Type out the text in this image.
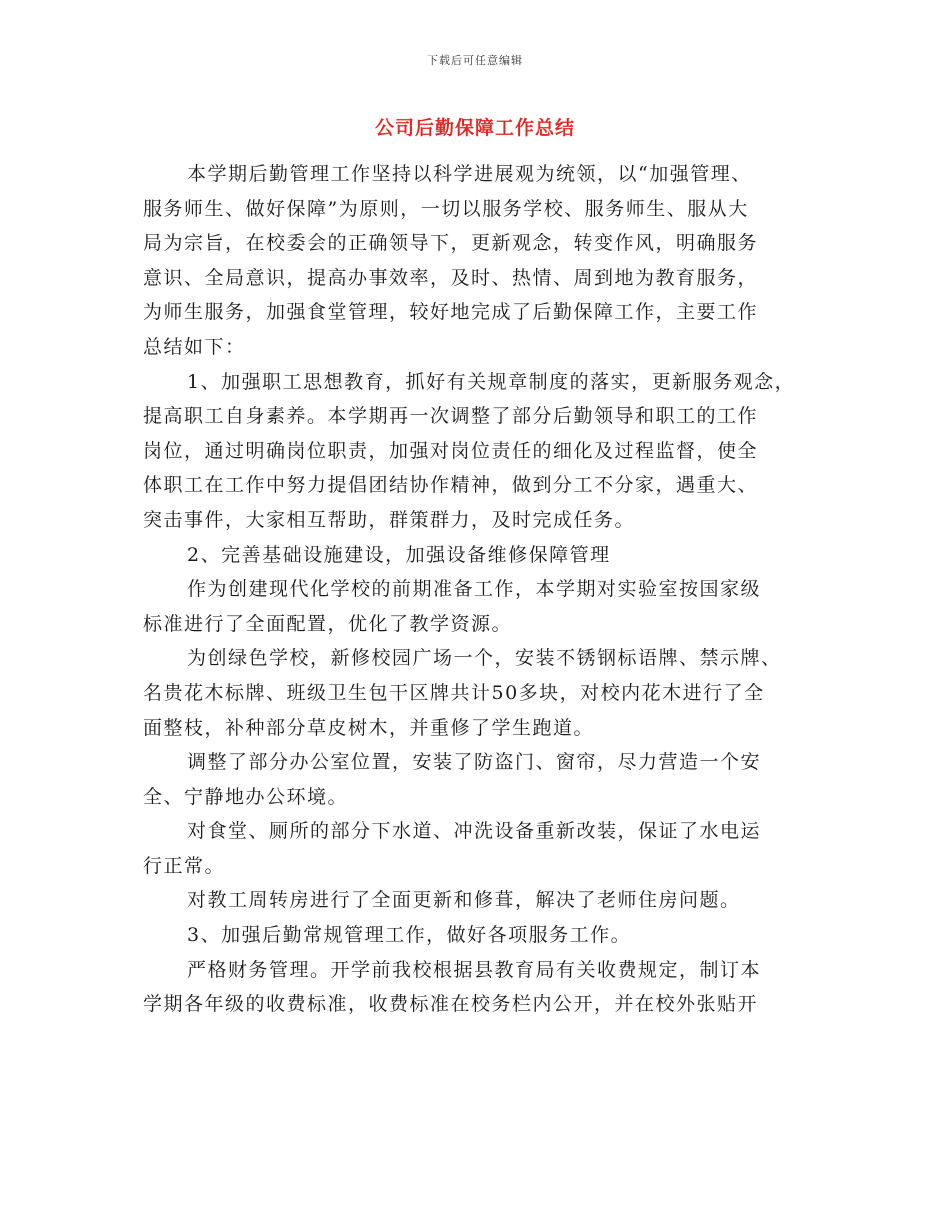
下载后可任意编辑
公司后勤保障工作总结
本学期后勤管理工作坚持以科学进展观为统领，以“加强管理、
服务师生、做好保障”为原则，一切以服务学校、服务师生、服从大
局为宗旨，在校委会的正确领导下，更新观念，转变作风，明确服务
意识、全局意识，提高办事效率，及时、热情、周到地为教育服务，
为师生服务，加强食堂管理，较好地完成了后勤保障工作，主要工作
总结如下：
1、加强职工思想教育，抓好有关规章制度的落实，更新服务观念，
提高职工自身素养。本学期再一次调整了部分后勤领导和职工的工作
岗位，通过明确岗位职责，加强对岗位责任的细化及过程监督，使全
体职工在工作中努力提倡团结协作精神，做到分工不分家，遇重大、
突击事件，大家相互帮助，群策群力，及时完成任务。
2、完善基础设施建设，加强设备维修保障管理
作为创建现代化学校的前期准备工作，本学期对实验室按国家级
标准进行了全面配置，优化了教学资源。
为创绿色学校，新修校园广场一个，安装不锈钢标语牌、禁示牌、
名贵花木标牌、班级卫生包干区牌共计50多块，对校内花木进行了全
面整枝，补种部分草皮树木，并重修了学生跑道。
调整了部分办公室位置，安装了防盗门、窗帘，尽力营造一个安
全、宁静地办公环境。
对食堂、厕所的部分下水道、冲洗设备重新改装，保证了水电运
行正常。
对教工周转房进行了全面更新和修葺，解决了老师住房问题。
3、加强后勤常规管理工作，做好各项服务工作。
严格财务管理。开学前我校根据县教育局有关收费规定，制订本
学期各年级的收费标准，收费标准在校务栏内公开，并在校外张贴开
